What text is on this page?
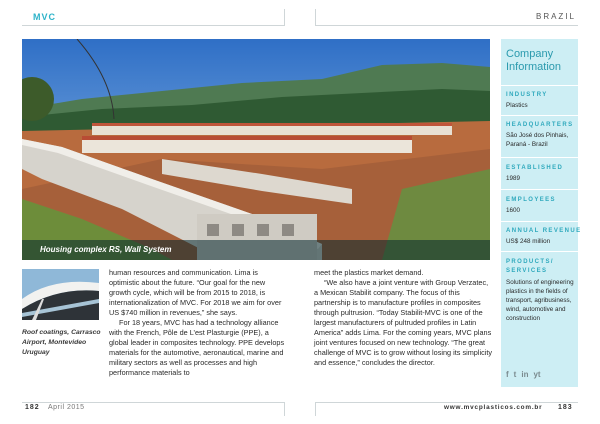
MVC	BRAZIL
Housing complex RS, Wall System
Company Information
INDUSTRY
Plastics
HEADQUARTERS
São José dos Pinhais, Paraná - Brazil
ESTABLISHED
1989
EMPLOYEES
1600
ANNUAL REVENUE
US$ 248 million
PRODUCTS/ SERVICES
Solutions of engineering plastics in the fields of transport, agribusiness, wind, automotive and construction
f t in yt
Roof coatings, Carrasco Airport, Montevideo Uruguay

human resources and communication. Lima is optimistic about the future. “Our goal for the new growth cycle, which will be from 2015 to 2018, is internationalization of MVC. For 2018 we aim for over US $740 million in revenues,” she says.

For 18 years, MVC has had a technology alliance with the French, Pôle de L’est Plasturgie (PPE), a global leader in composites technology. PPE develops materials for the automotive, aeronautical, marine and military sectors as well as processes and high performance materials to

meet the plastics market demand.

“We also have a joint venture with Group Verzatec, a Mexican Stabilit company. The focus of this partnership is to manufacture profiles in composites through pultrusion. “Today Stabilit-MVC is one of the largest manufacturers of pultruded profiles in Latin America” adds Lima. For the coming years, MVC plans joint ventures focused on new technology. “The great challenge of MVC is to grow without losing its simplicity and essence,” concludes the director.

182 April 2015	www.mvcplasticos.com.br 183
